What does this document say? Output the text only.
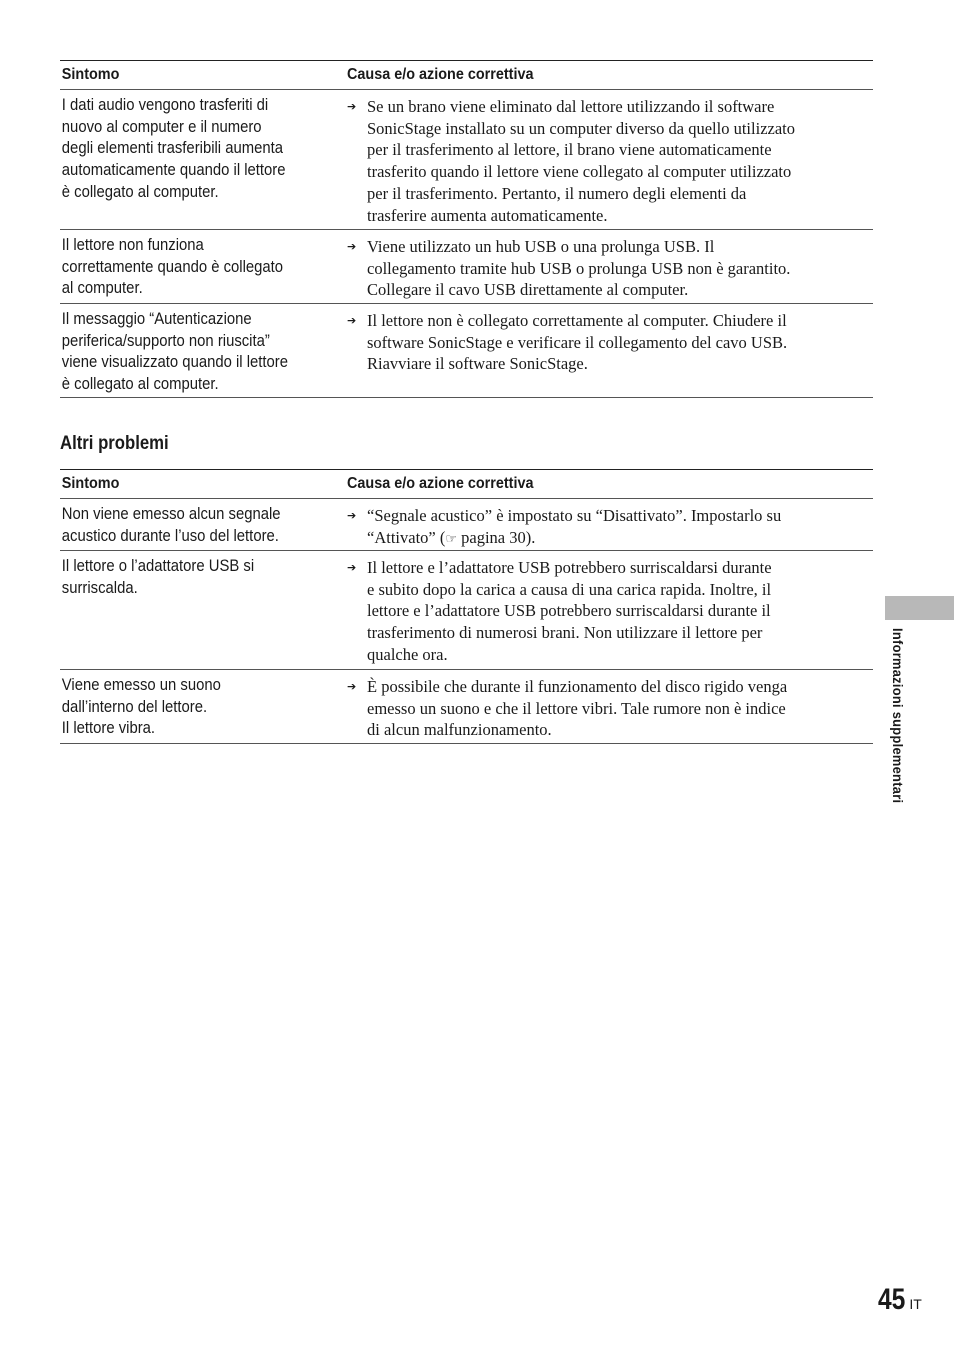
Sintomo	Causa e/o azione correttiva
I dati audio vengono trasferiti di
nuovo al computer e il numero
degli elementi trasferibili aumenta
automaticamente quando il lettore
è collegato al computer.
➔ Se un brano viene eliminato dal lettore utilizzando il software
SonicStage installato su un computer diverso da quello utilizzato
per il trasferimento al lettore, il brano viene automaticamente
trasferito quando il lettore viene collegato al computer utilizzato
per il trasferimento. Pertanto, il numero degli elementi da
trasferire aumenta automaticamente.
Il lettore non funziona
correttamente quando è collegato
al computer.
➔ Viene utilizzato un hub USB o una prolunga USB. Il
collegamento tramite hub USB o prolunga USB non è garantito.
Collegare il cavo USB direttamente al computer.
Il messaggio “Autenticazione
periferica/supporto non riuscita”
viene visualizzato quando il lettore
è collegato al computer.
➔ Il lettore non è collegato correttamente al computer. Chiudere il
software SonicStage e verificare il collegamento del cavo USB.
Riavviare il software SonicStage.
Altri problemi
Sintomo	Causa e/o azione correttiva
Non viene emesso alcun segnale
acustico durante l’uso del lettore.
➔ “Segnale acustico” è impostato su “Disattivato”. Impostarlo su
“Attivato” (☞ pagina 30).
Il lettore o l’adattatore USB si
surriscalda.
➔ Il lettore e l’adattatore USB potrebbero surriscaldarsi durante
e subito dopo la carica a causa di una carica rapida. Inoltre, il
lettore e l’adattatore USB potrebbero surriscaldarsi durante il
trasferimento di numerosi brani. Non utilizzare il lettore per
qualche ora.
Viene emesso un suono
dall’interno del lettore.
Il lettore vibra.
➔ È possibile che durante il funzionamento del disco rigido venga
emesso un suono e che il lettore vibri. Tale rumore non è indice
di alcun malfunzionamento.	Informazioni supplementari
45 IT
